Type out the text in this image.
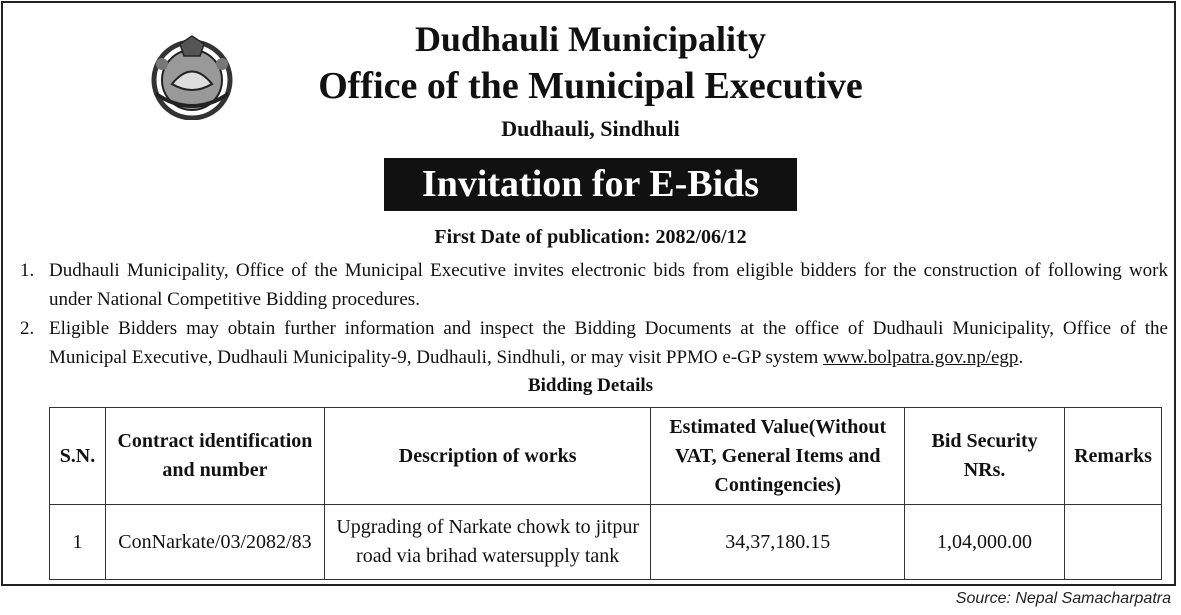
Dudhauli Municipality
Office of the Municipal Executive
Dudhauli, Sindhuli
Invitation for E-Bids
First Date of publication: 2082/06/12
1. Dudhauli Municipality, Office of the Municipal Executive invites electronic bids from eligible bidders for the construction of following work under National Competitive Bidding procedures.
2. Eligible Bidders may obtain further information and inspect the Bidding Documents at the office of Dudhauli Municipality, Office of the Municipal Executive, Dudhauli Municipality-9, Dudhauli, Sindhuli, or may visit PPMO e-GP system www.bolpatra.gov.np/egp.
Bidding Details
S.N.	Contract identification and number	Description of works	Estimated Value(Without VAT, General Items and Contingencies)	Bid Security NRs.	Remarks
1	ConNarkate/03/2082/83	Upgrading of Narkate chowk to jitpur road via brihad watersupply tank	34,37,180.15	1,04,000.00	
Source: Nepal Samacharpatra
